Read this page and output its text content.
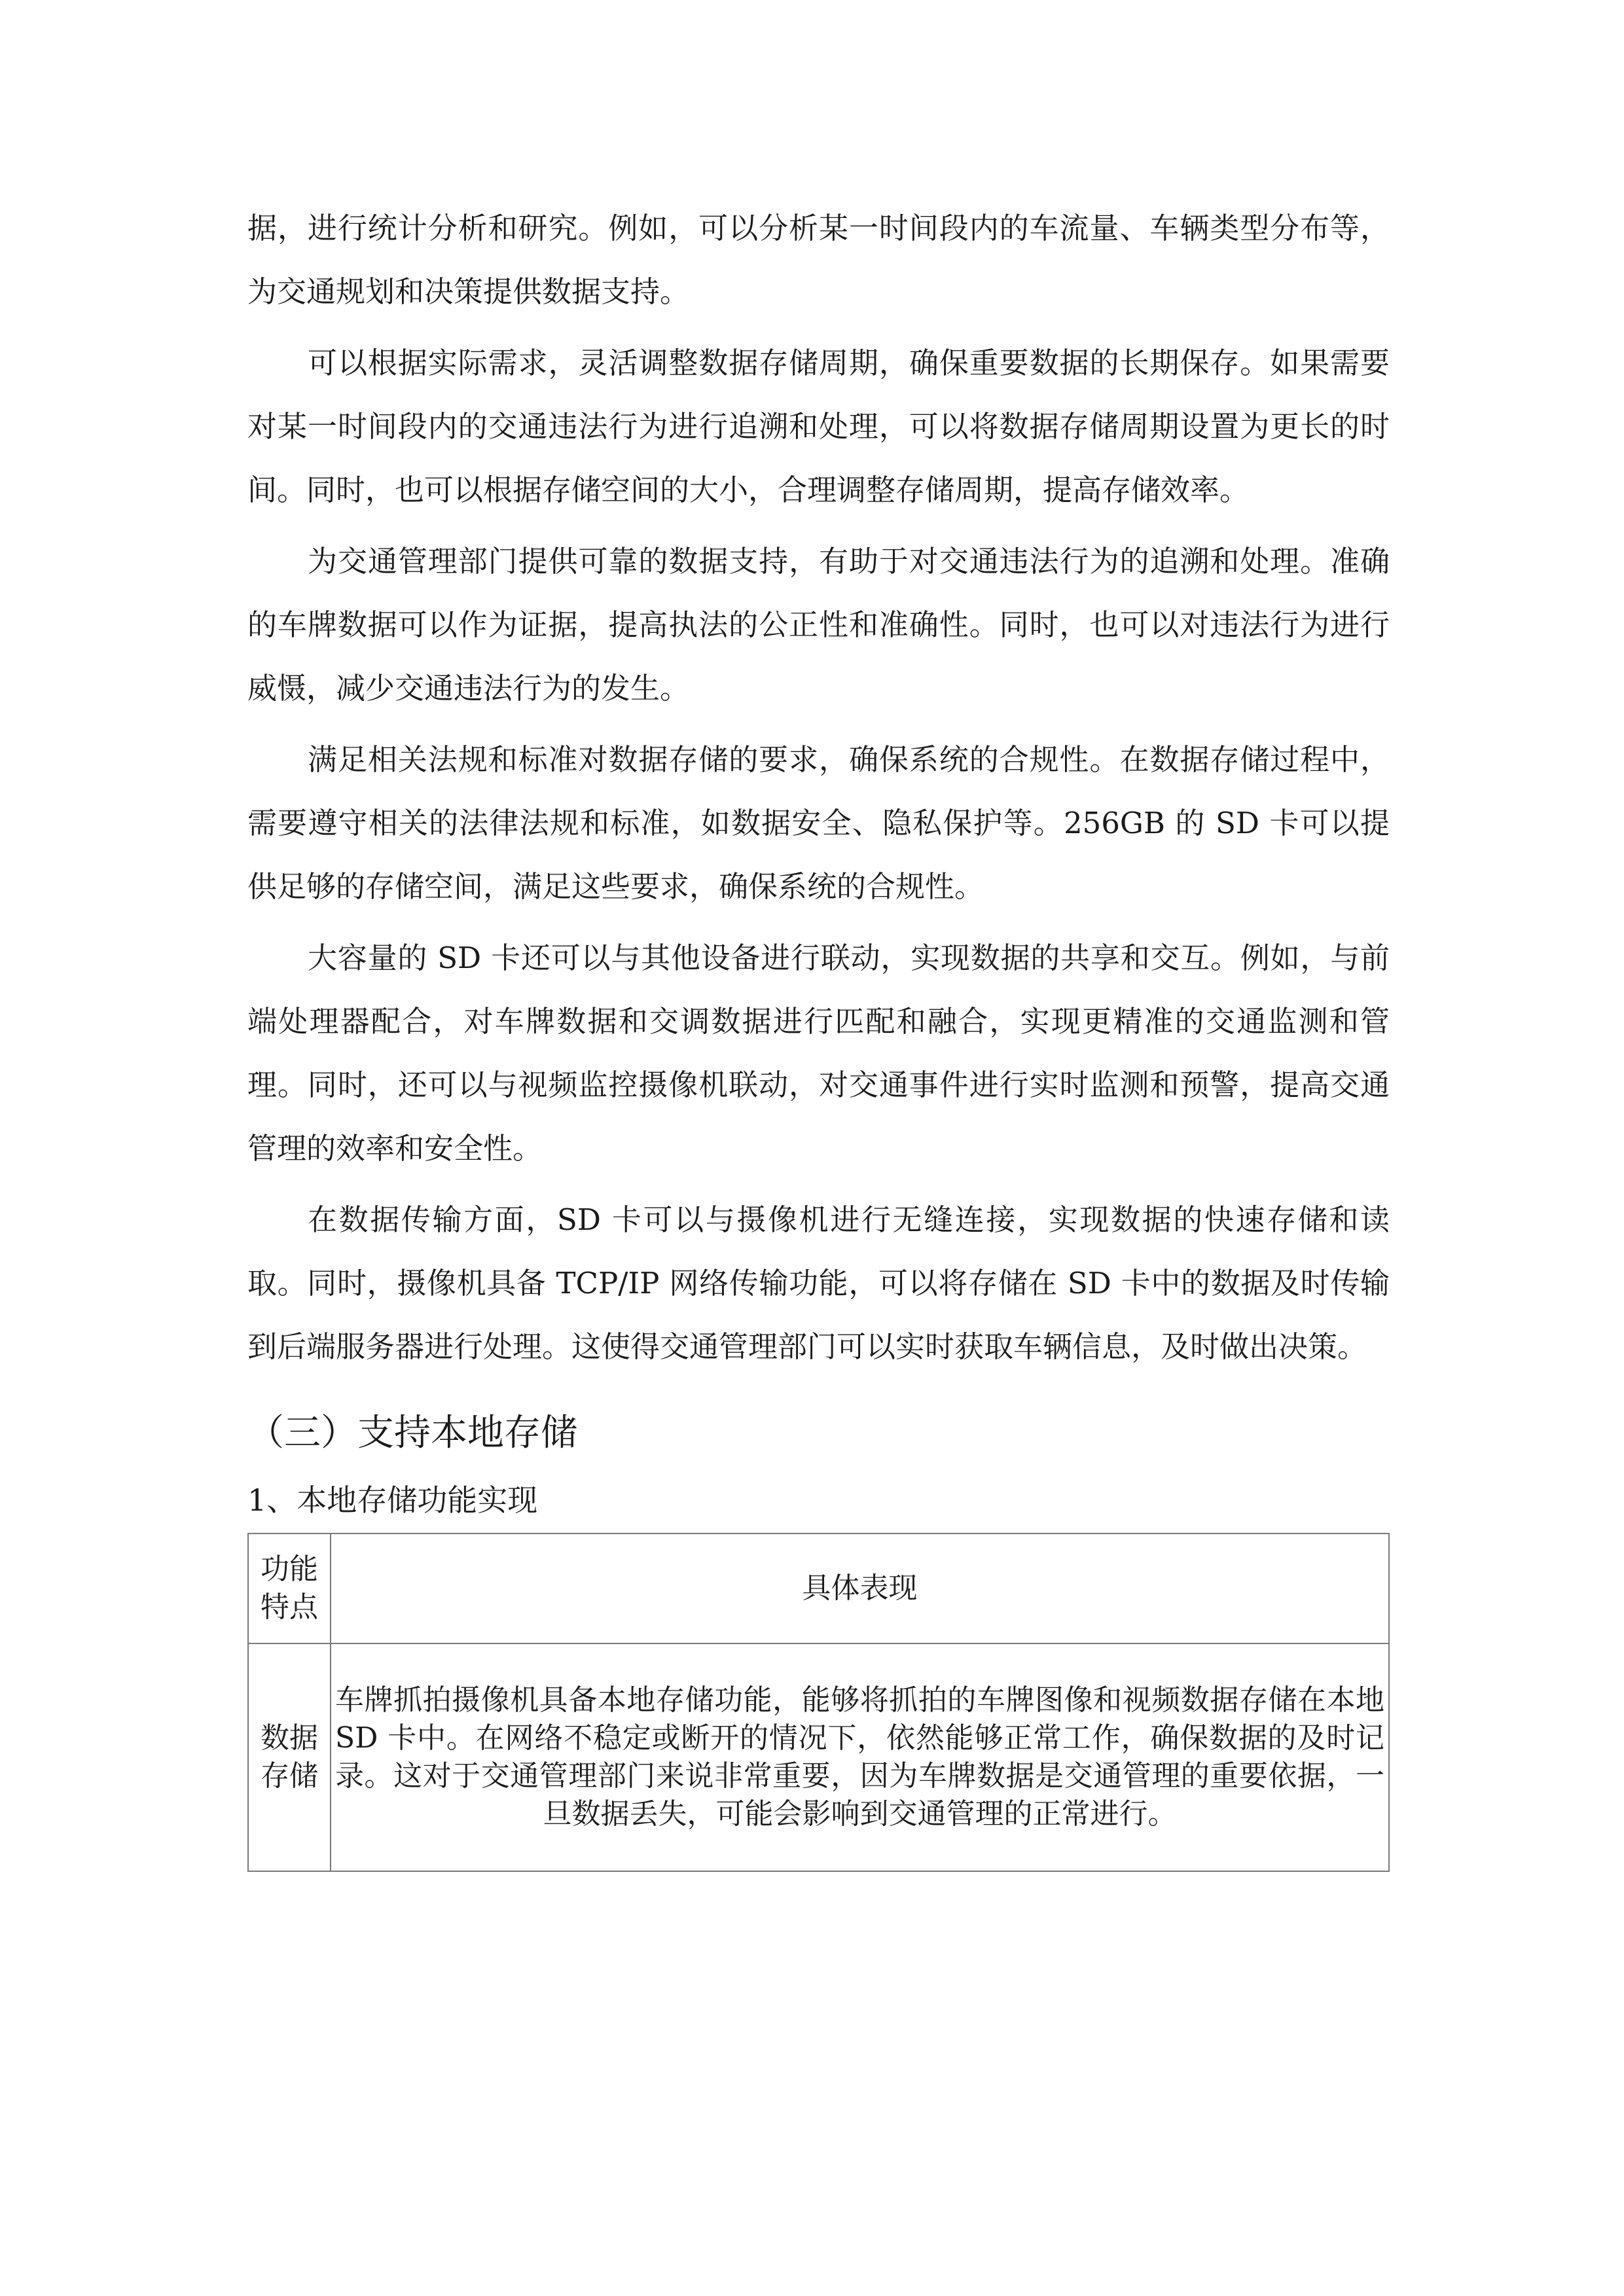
据，进行统计分析和研究。例如，可以分析某一时间段内的车流量、车辆类型分布等，为交通规划和决策提供数据支持。

可以根据实际需求，灵活调整数据存储周期，确保重要数据的长期保存。如果需要对某一时间段内的交通违法行为进行追溯和处理，可以将数据存储周期设置为更长的时间。同时，也可以根据存储空间的大小，合理调整存储周期，提高存储效率。

为交通管理部门提供可靠的数据支持，有助于对交通违法行为的追溯和处理。准确的车牌数据可以作为证据，提高执法的公正性和准确性。同时，也可以对违法行为进行威慑，减少交通违法行为的发生。

满足相关法规和标准对数据存储的要求，确保系统的合规性。在数据存储过程中，需要遵守相关的法律法规和标准，如数据安全、隐私保护等。256GB 的 SD 卡可以提供足够的存储空间，满足这些要求，确保系统的合规性。

大容量的 SD 卡还可以与其他设备进行联动，实现数据的共享和交互。例如，与前端处理器配合，对车牌数据和交调数据进行匹配和融合，实现更精准的交通监测和管理。同时，还可以与视频监控摄像机联动，对交通事件进行实时监测和预警，提高交通管理的效率和安全性。

在数据传输方面，SD 卡可以与摄像机进行无缝连接，实现数据的快速存储和读取。同时，摄像机具备 TCP/IP 网络传输功能，可以将存储在 SD 卡中的数据及时传输到后端服务器进行处理。这使得交通管理部门可以实时获取车辆信息，及时做出决策。

（三）支持本地存储
1、本地存储功能实现
功能特点	具体表现
数据存储	车牌抓拍摄像机具备本地存储功能，能够将抓拍的车牌图像和视频数据存储在本地 SD 卡中。在网络不稳定或断开的情况下，依然能够正常工作，确保数据的及时记录。这对于交通管理部门来说非常重要，因为车牌数据是交通管理的重要依据，一旦数据丢失，可能会影响到交通管理的正常进行。
